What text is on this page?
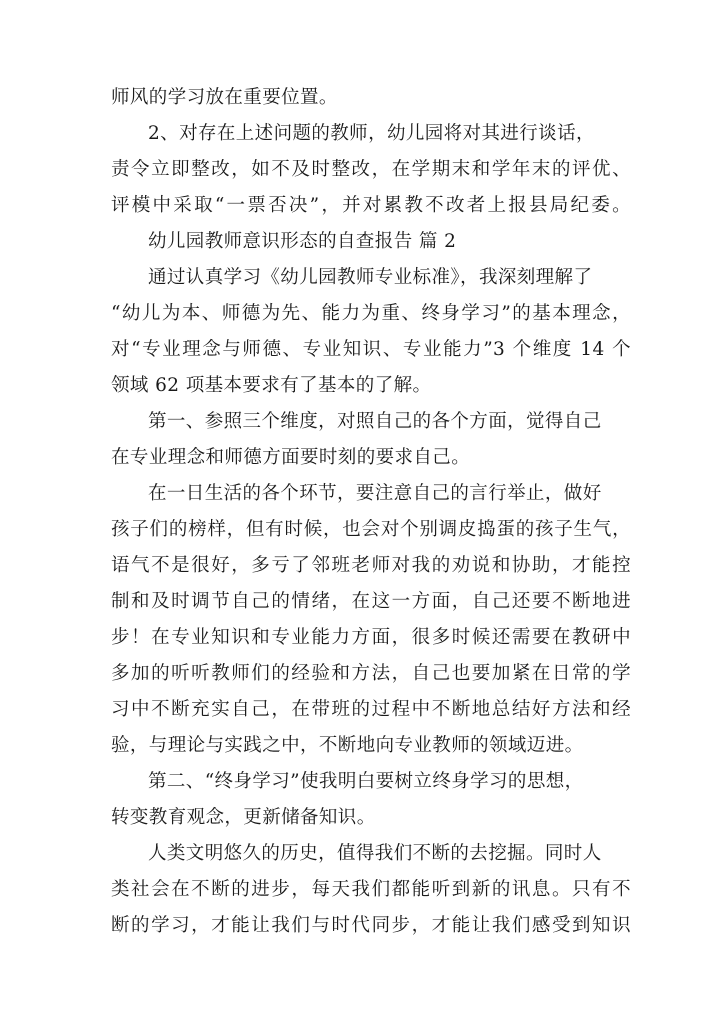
师风的学习放在重要位置。
2、对存在上述问题的教师，幼儿园将对其进行谈话，
责令立即整改，如不及时整改，在学期末和学年末的评优、
评模中采取“一票否决”，并对累教不改者上报县局纪委。
幼儿园教师意识形态的自查报告 篇 2
通过认真学习《幼儿园教师专业标准》，我深刻理解了
“幼儿为本、师德为先、能力为重、终身学习”的基本理念，
对“专业理念与师德、专业知识、专业能力”3 个维度 14 个
领域 62 项基本要求有了基本的了解。
第一、参照三个维度，对照自己的各个方面，觉得自己
在专业理念和师德方面要时刻的要求自己。
在一日生活的各个环节，要注意自己的言行举止，做好
孩子们的榜样，但有时候，也会对个别调皮捣蛋的孩子生气，
语气不是很好，多亏了邻班老师对我的劝说和协助，才能控
制和及时调节自己的情绪，在这一方面，自己还要不断地进
步！在专业知识和专业能力方面，很多时候还需要在教研中
多加的听听教师们的经验和方法，自己也要加紧在日常的学
习中不断充实自己，在带班的过程中不断地总结好方法和经
验，与理论与实践之中，不断地向专业教师的领域迈进。
第二、“终身学习”使我明白要树立终身学习的思想，
转变教育观念，更新储备知识。
人类文明悠久的历史，值得我们不断的去挖掘。同时人
类社会在不断的进步，每天我们都能听到新的讯息。只有不
断的学习，才能让我们与时代同步，才能让我们感受到知识
